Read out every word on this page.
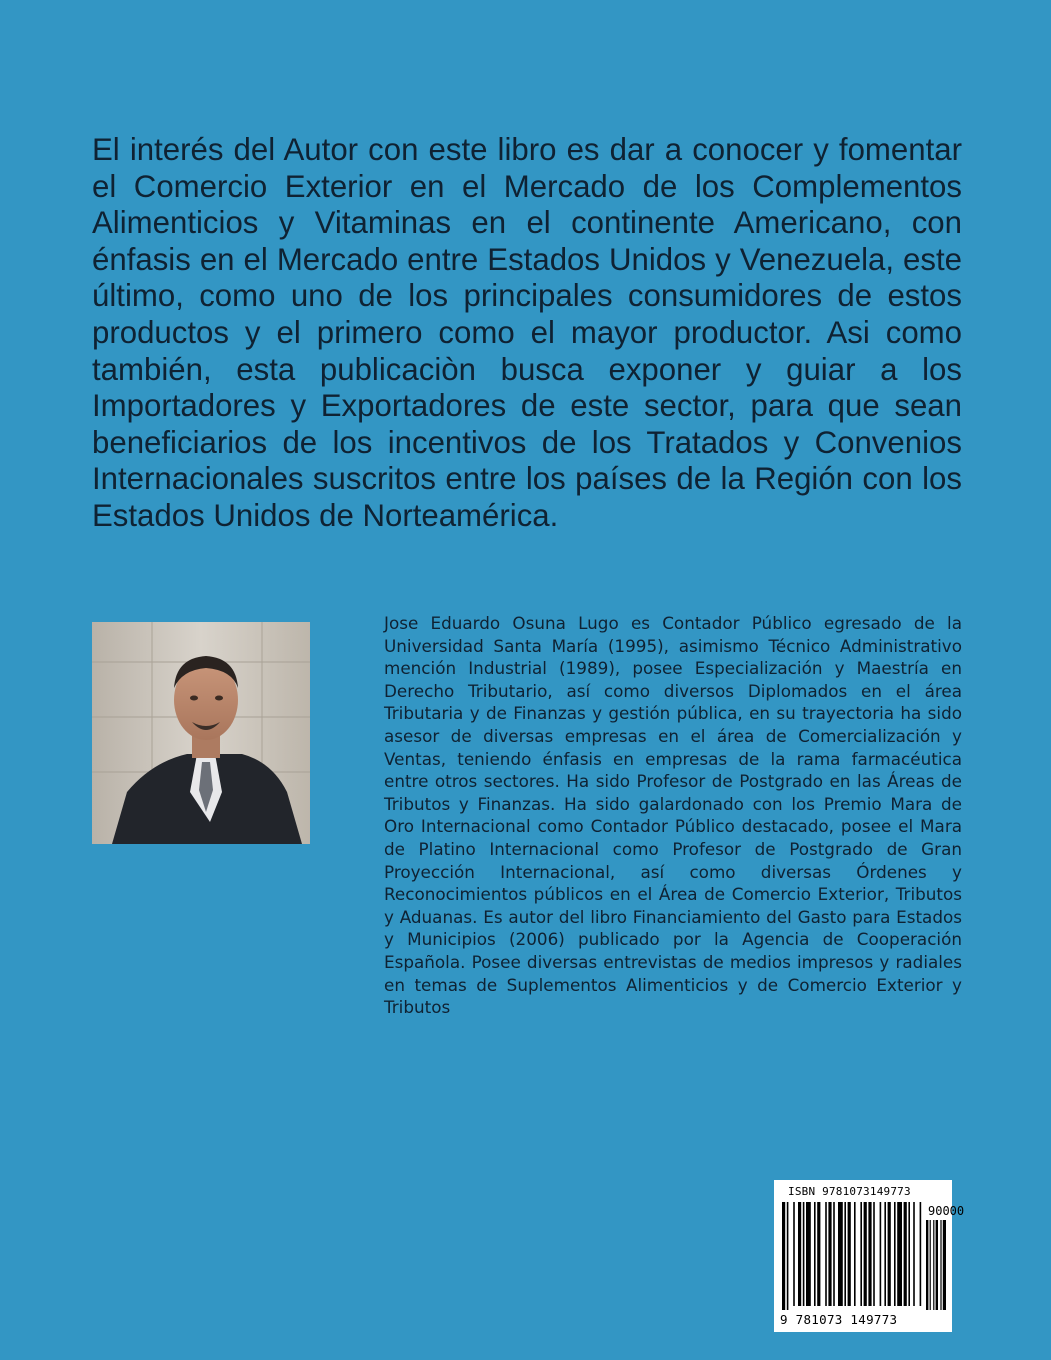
El interés del Autor con este libro es dar a conocer y fomentar el Comercio Exterior en el Mercado de los Complementos Alimenticios y Vitaminas en el continente Americano, con énfasis en el Mercado entre Estados Unidos y Venezuela, este último, como uno de los principales consumidores de estos productos y el primero como el mayor productor. Asi como también, esta publicaciòn busca exponer y guiar a los Importadores y Exportadores de este sector, para que sean beneficiarios de los incentivos de los Tratados y Convenios Internacionales suscritos entre los países de la Región con los Estados Unidos de Norteamérica.

Jose Eduardo Osuna Lugo es Contador Público egresado de la Universidad Santa María (1995), asimismo Técnico Administrativo mención Industrial (1989), posee Especialización y Maestría en Derecho Tributario, así como diversos Diplomados en el área Tributaria y de Finanzas y gestión pública, en su trayectoria ha sido asesor de diversas empresas en el área de Comercialización y Ventas, teniendo énfasis en empresas de la rama farmacéutica entre otros sectores. Ha sido Profesor de Postgrado en las Áreas de Tributos y Finanzas. Ha sido galardonado con los Premio Mara de Oro Internacional como Contador Público destacado, posee el Mara de Platino Internacional como Profesor de Postgrado de Gran Proyección Internacional, así como diversas Órdenes y Reconocimientos públicos en el Área de Comercio Exterior, Tributos y Aduanas. Es autor del libro Financiamiento del Gasto para Estados y Municipios (2006) publicado por la Agencia de Cooperación Española. Posee diversas entrevistas de medios impresos y radiales en temas de Suplementos Alimenticios y de Comercio Exterior y Tributos

ISBN 9781073149773
90000
9 781073 149773
